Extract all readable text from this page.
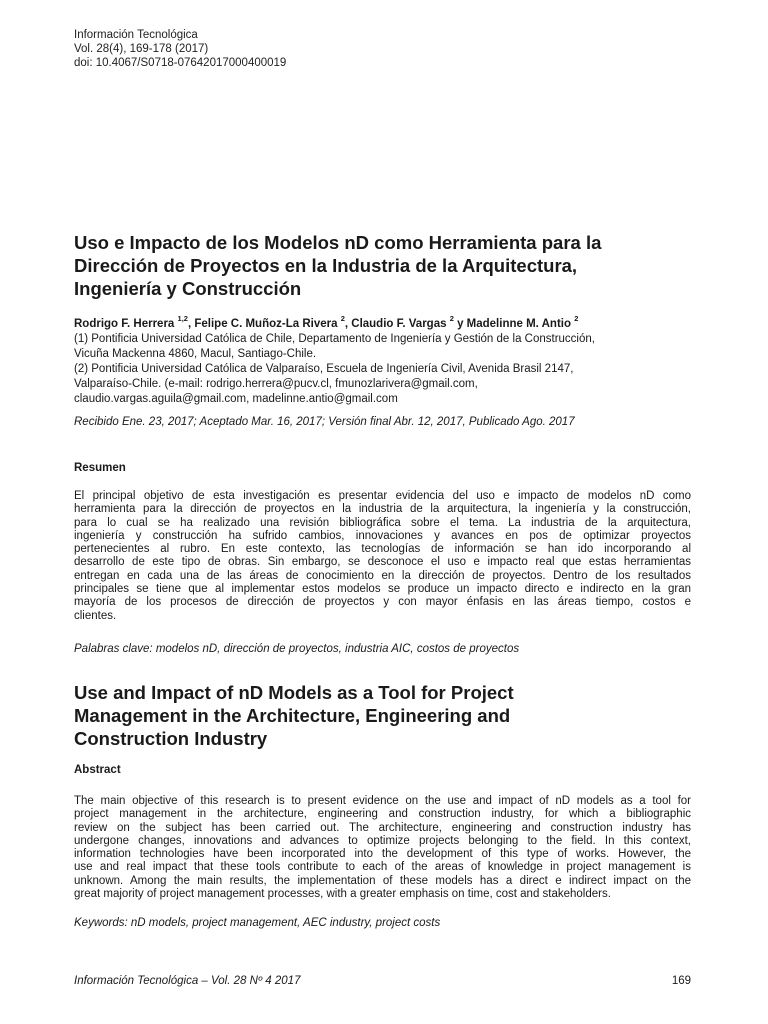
Información Tecnológica
Vol. 28(4), 169-178 (2017)
doi: 10.4067/S0718-07642017000400019
Uso e Impacto de los Modelos nD como Herramienta para la
Dirección de Proyectos en la Industria de la Arquitectura,
Ingeniería y Construcción
Rodrigo F. Herrera $^{1,2}$, Felipe C. Muñoz-La Rivera $^2$, Claudio F. Vargas $^2$ y Madelinne M. Antio $^2$
(1) Pontificia Universidad Católica de Chile, Departamento de Ingeniería y Gestión de la Construcción,
Vicuña Mackenna 4860, Macul, Santiago-Chile.
(2) Pontificia Universidad Católica de Valparaíso, Escuela de Ingeniería Civil, Avenida Brasil 2147,
Valparaíso-Chile. (e-mail: rodrigo.herrera@pucv.cl, fmunozlarivera@gmail.com,
claudio.vargas.aguila@gmail.com, madelinne.antio@gmail.com
Recibido Ene. 23, 2017; Aceptado Mar. 16, 2017; Versión final Abr. 12, 2017, Publicado Ago. 2017
Resumen
El principal objetivo de esta investigación es presentar evidencia del uso e impacto de modelos nD como
herramienta para la dirección de proyectos en la industria de la arquitectura, la ingeniería y la construcción,
para lo cual se ha realizado una revisión bibliográfica sobre el tema. La industria de la arquitectura,
ingeniería y construcción ha sufrido cambios, innovaciones y avances en pos de optimizar proyectos
pertenecientes al rubro. En este contexto, las tecnologías de información se han ido incorporando al
desarrollo de este tipo de obras. Sin embargo, se desconoce el uso e impacto real que estas herramientas
entregan en cada una de las áreas de conocimiento en la dirección de proyectos. Dentro de los resultados
principales se tiene que al implementar estos modelos se produce un impacto directo e indirecto en la gran
mayoría de los procesos de dirección de proyectos y con mayor énfasis en las áreas tiempo, costos e
clientes.
Palabras clave: modelos nD, dirección de proyectos, industria AIC, costos de proyectos
Use and Impact of nD Models as a Tool for Project
Management in the Architecture, Engineering and
Construction Industry
Abstract
The main objective of this research is to present evidence on the use and impact of nD models as a tool for
project management in the architecture, engineering and construction industry, for which a bibliographic
review on the subject has been carried out. The architecture, engineering and construction industry has
undergone changes, innovations and advances to optimize projects belonging to the field. In this context,
information technologies have been incorporated into the development of this type of works. However, the
use and real impact that these tools contribute to each of the areas of knowledge in project management is
unknown. Among the main results, the implementation of these models has a direct e indirect impact on the
great majority of project management processes, with a greater emphasis on time, cost and stakeholders.
Keywords: nD models, project management, AEC industry, project costs
Información Tecnológica – Vol. 28 Nº 4 2017	169
